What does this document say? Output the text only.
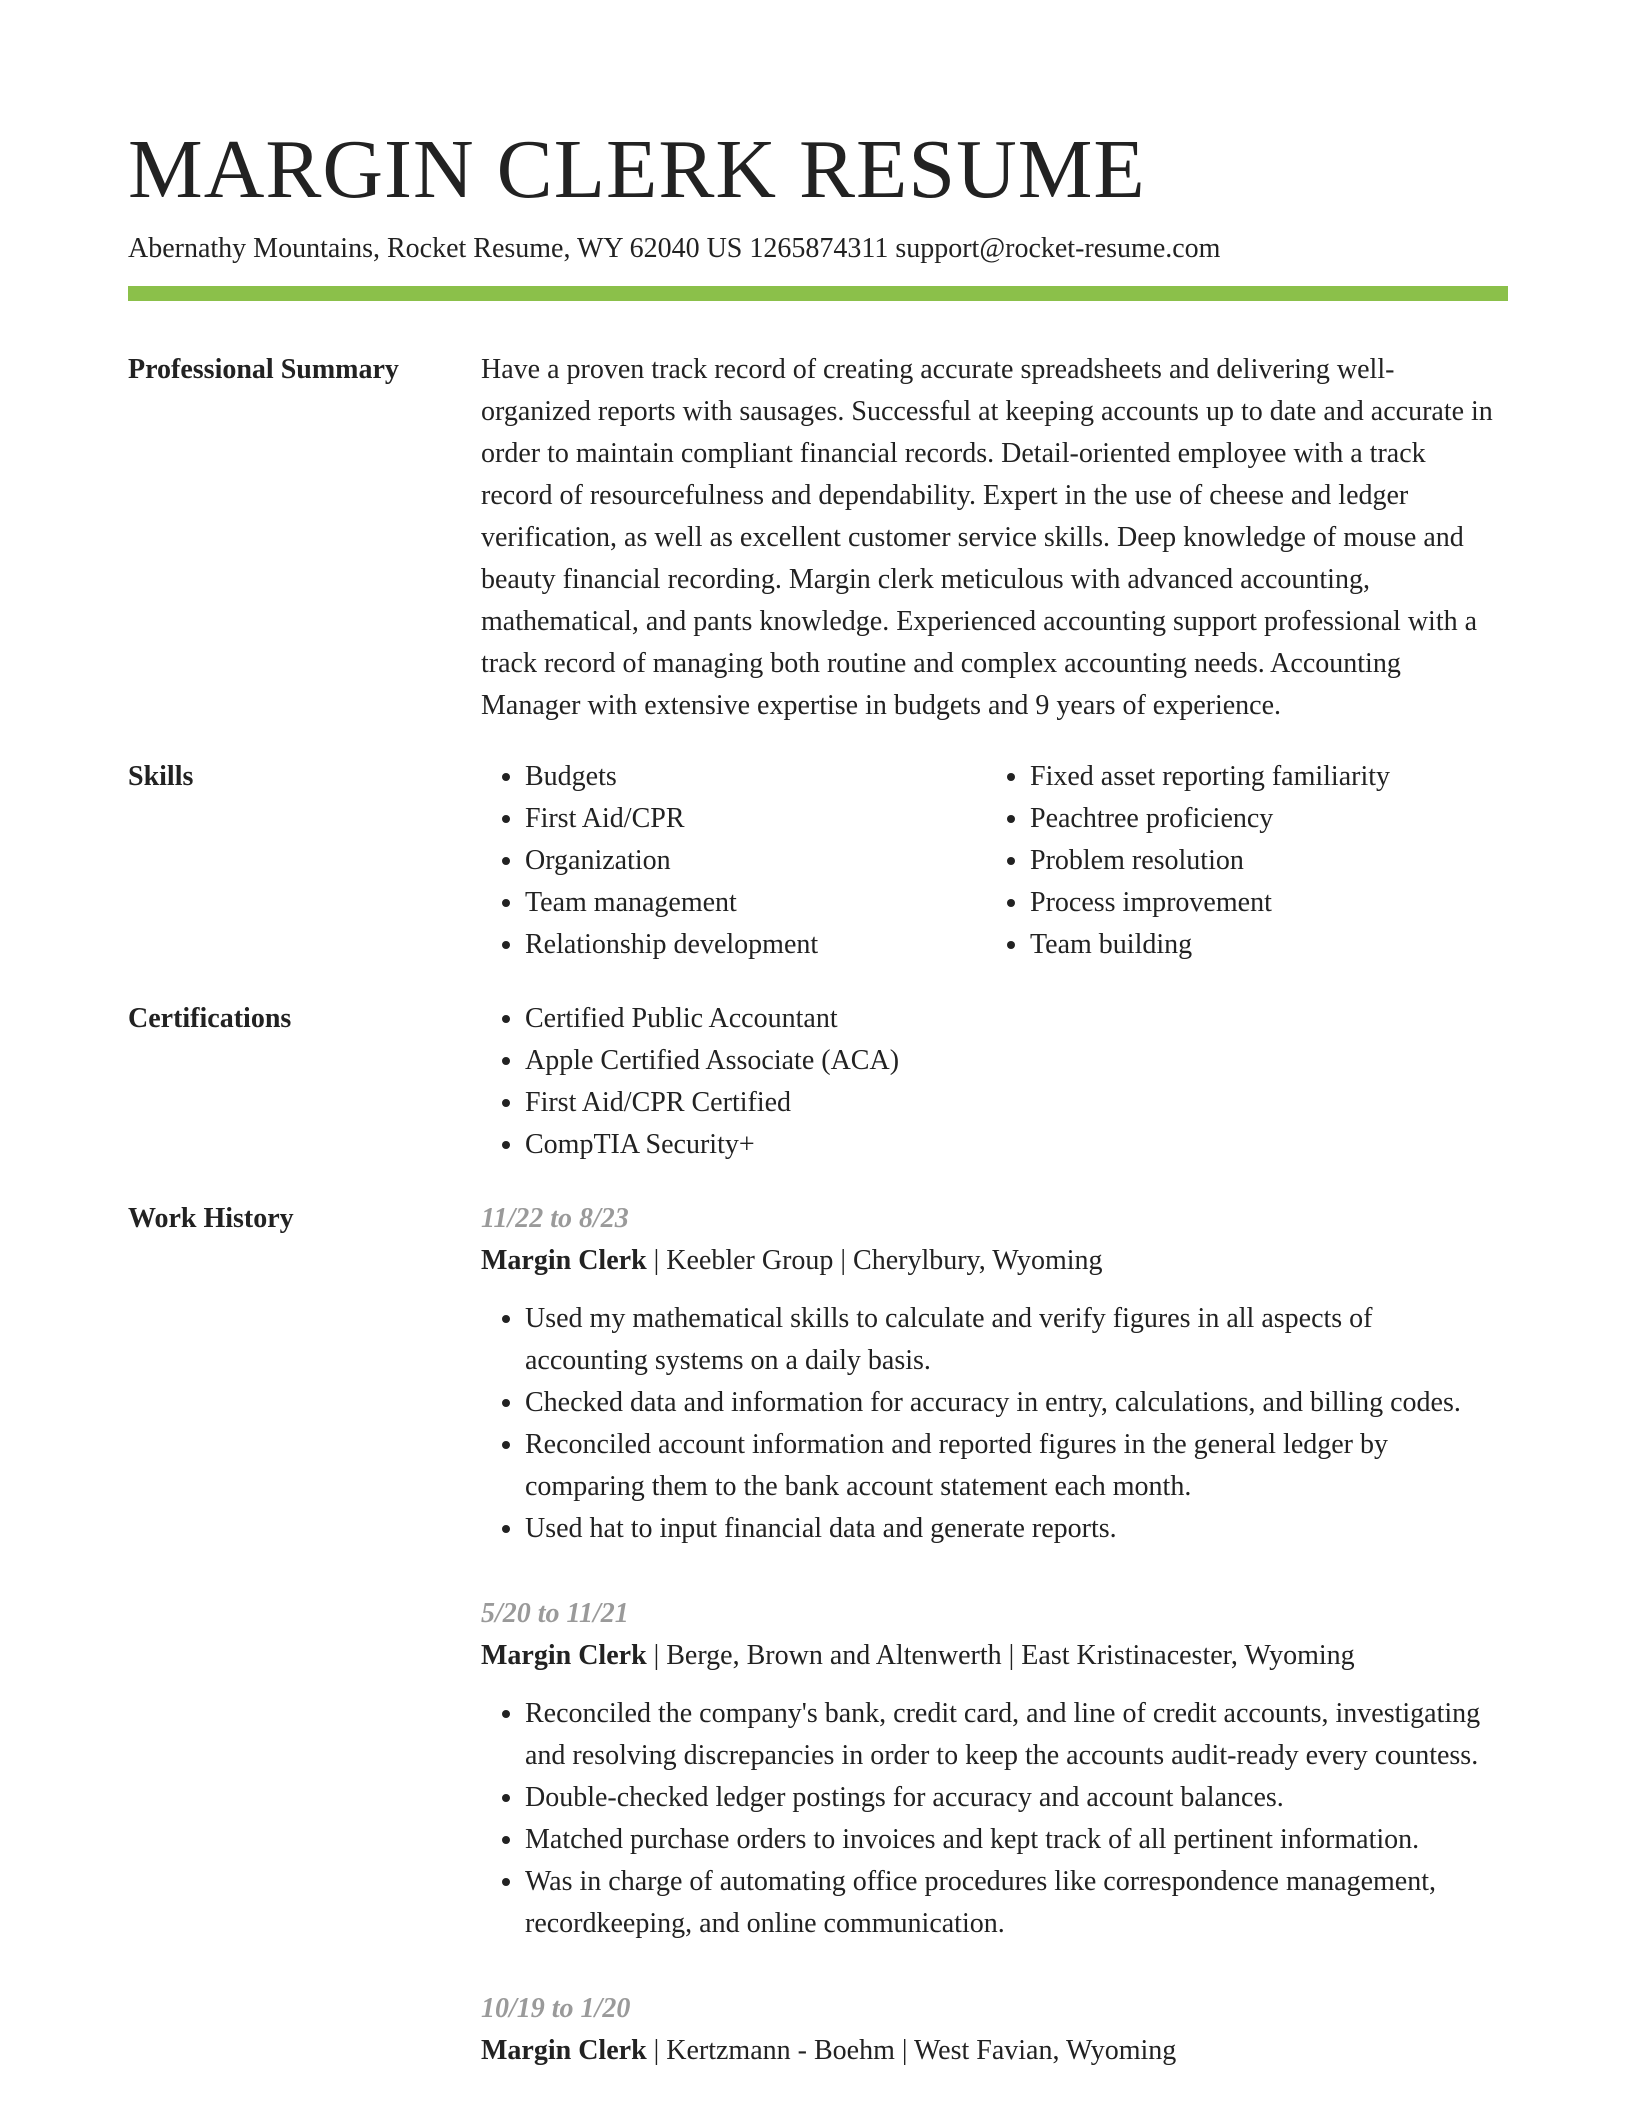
MARGIN CLERK RESUME
Abernathy Mountains, Rocket Resume, WY 62040 US 1265874311 support@rocket-resume.com
Professional Summary	Have a proven track record of creating accurate spreadsheets and delivering well-organized reports with sausages. Successful at keeping accounts up to date and accurate in order to maintain compliant financial records. Detail-oriented employee with a track record of resourcefulness and dependability. Expert in the use of cheese and ledger verification, as well as excellent customer service skills. Deep knowledge of mouse and beauty financial recording. Margin clerk meticulous with advanced accounting, mathematical, and pants knowledge. Experienced accounting support professional with a track record of managing both routine and complex accounting needs. Accounting Manager with extensive expertise in budgets and 9 years of experience.

Skills	• Budgets
• First Aid/CPR
• Organization
• Team management
• Relationship development
• Fixed asset reporting familiarity
• Peachtree proficiency
• Problem resolution
• Process improvement
• Team building
Certifications	• Certified Public Accountant
• Apple Certified Associate (ACA)
• First Aid/CPR Certified
• CompTIA Security+
Work History	11/22 to 8/23
Margin Clerk | Keebler Group | Cherylbury, Wyoming
• Used my mathematical skills to calculate and verify figures in all aspects of accounting systems on a daily basis.
• Checked data and information for accuracy in entry, calculations, and billing codes.
• Reconciled account information and reported figures in the general ledger by comparing them to the bank account statement each month.
• Used hat to input financial data and generate reports.
5/20 to 11/21
Margin Clerk | Berge, Brown and Altenwerth | East Kristinacester, Wyoming
• Reconciled the company's bank, credit card, and line of credit accounts, investigating and resolving discrepancies in order to keep the accounts audit-ready every countess.
• Double-checked ledger postings for accuracy and account balances.
• Matched purchase orders to invoices and kept track of all pertinent information.
• Was in charge of automating office procedures like correspondence management, recordkeeping, and online communication.
10/19 to 1/20
Margin Clerk | Kertzmann - Boehm | West Favian, Wyoming
